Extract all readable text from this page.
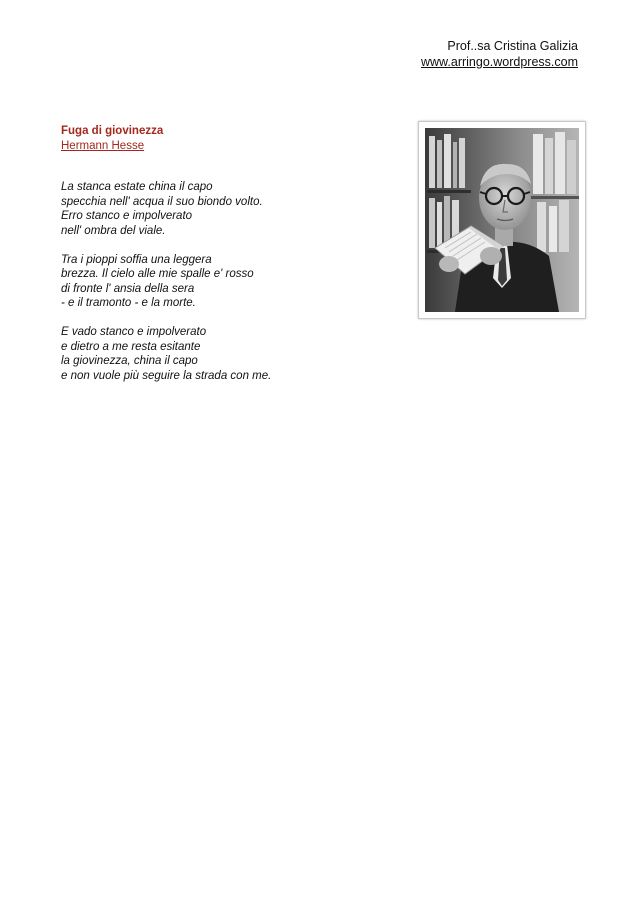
Prof..sa Cristina Galizia
www.arringo.wordpress.com
Fuga di giovinezza
Hermann Hesse
La stanca estate china il capo
specchia nell' acqua il suo biondo volto.
Erro stanco e impolverato
nell' ombra del viale.
Tra i pioppi soffia una leggera
brezza. Il cielo alle mie spalle e' rosso
di fronte l' ansia della sera
- e il tramonto - e la morte.
E vado stanco e impolverato
e dietro a me resta esitante
la giovinezza, china il capo
e non vuole più seguire la strada con me.
